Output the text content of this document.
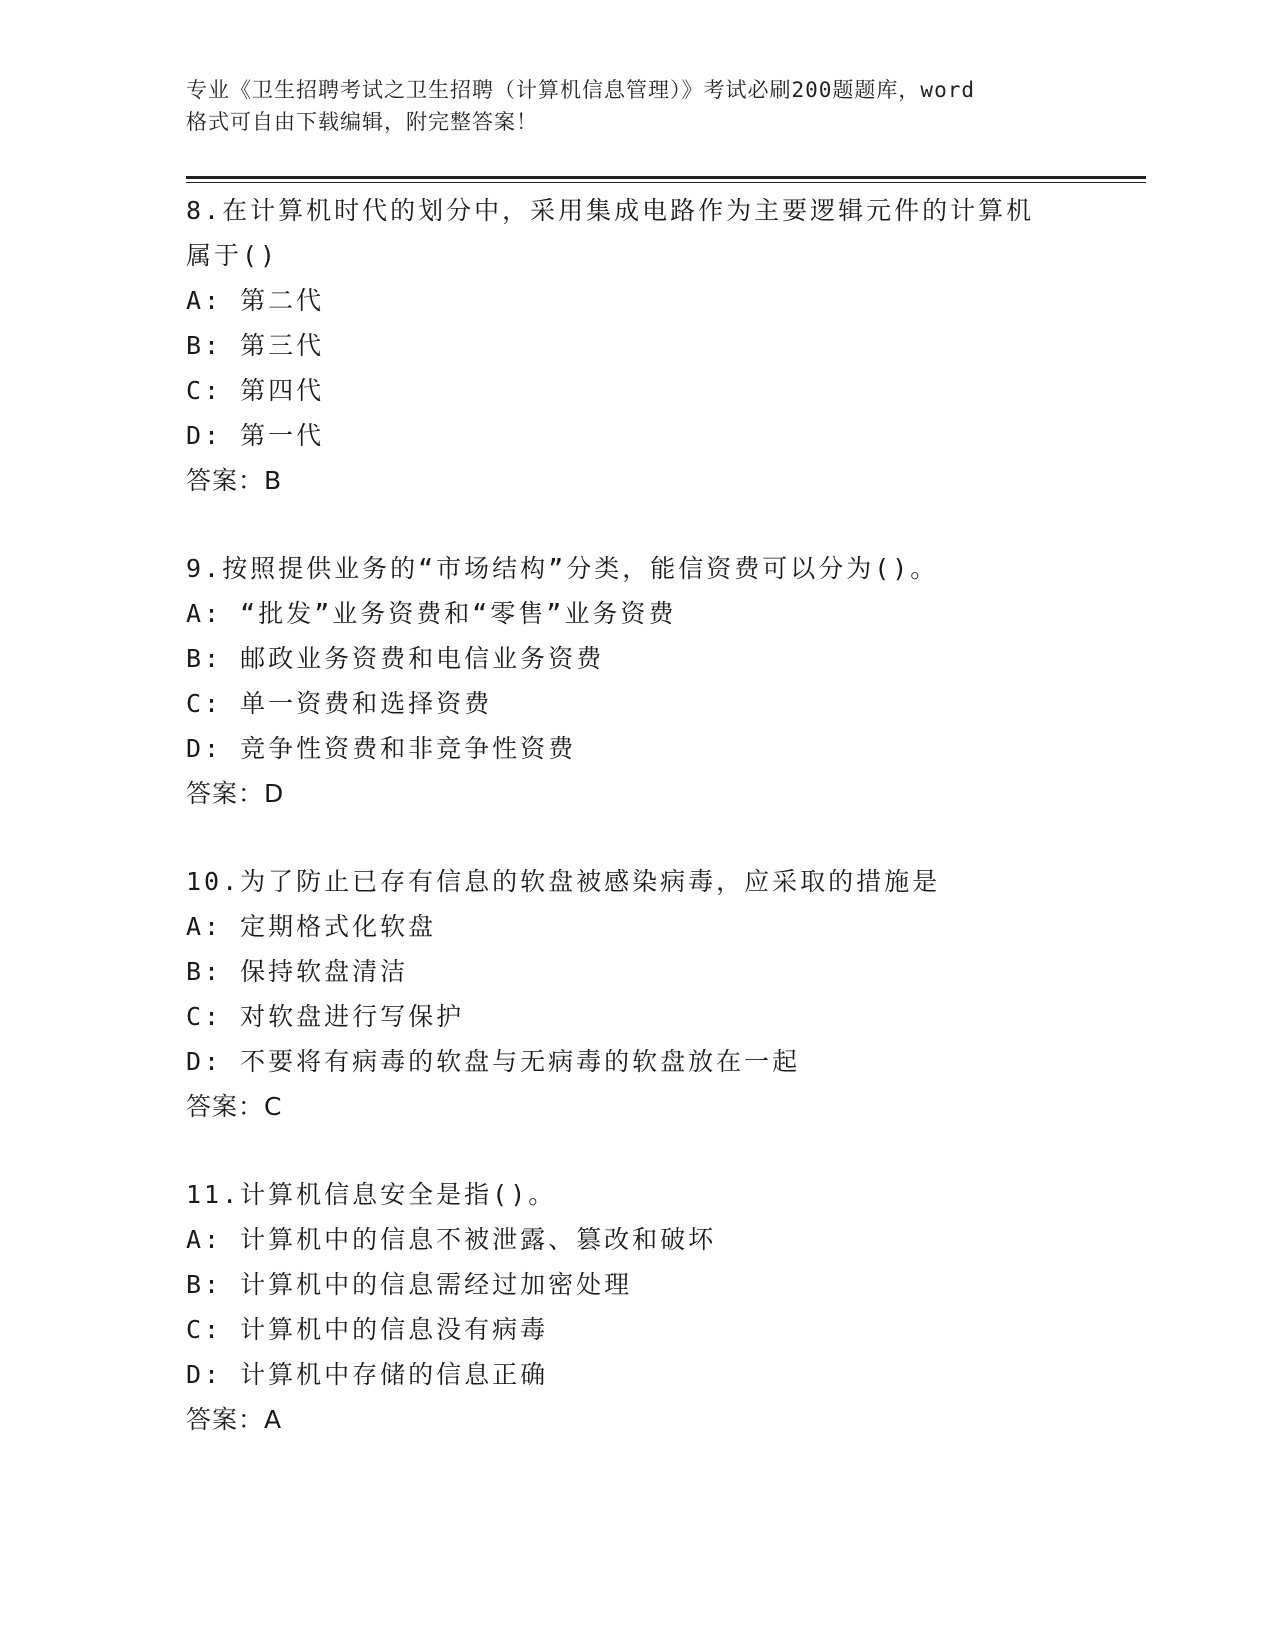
专业《卫生招聘考试之卫生招聘（计算机信息管理）》考试必刷200题题库，word
格式可自由下载编辑，附完整答案！

8.在计算机时代的划分中，采用集成电路作为主要逻辑元件的计算机

属于()

A: 第二代

B: 第三代

C: 第四代

D: 第一代

答案：B

9.按照提供业务的“市场结构”分类，能信资费可以分为()。

A: “批发”业务资费和“零售”业务资费

B: 邮政业务资费和电信业务资费

C: 单一资费和选择资费

D: 竞争性资费和非竞争性资费

答案：D

10.为了防止已存有信息的软盘被感染病毒，应采取的措施是

A: 定期格式化软盘

B: 保持软盘清洁

C: 对软盘进行写保护

D: 不要将有病毒的软盘与无病毒的软盘放在一起

答案：C

11.计算机信息安全是指()。

A: 计算机中的信息不被泄露、篡改和破坏

B: 计算机中的信息需经过加密处理

C: 计算机中的信息没有病毒

D: 计算机中存储的信息正确

答案：A
